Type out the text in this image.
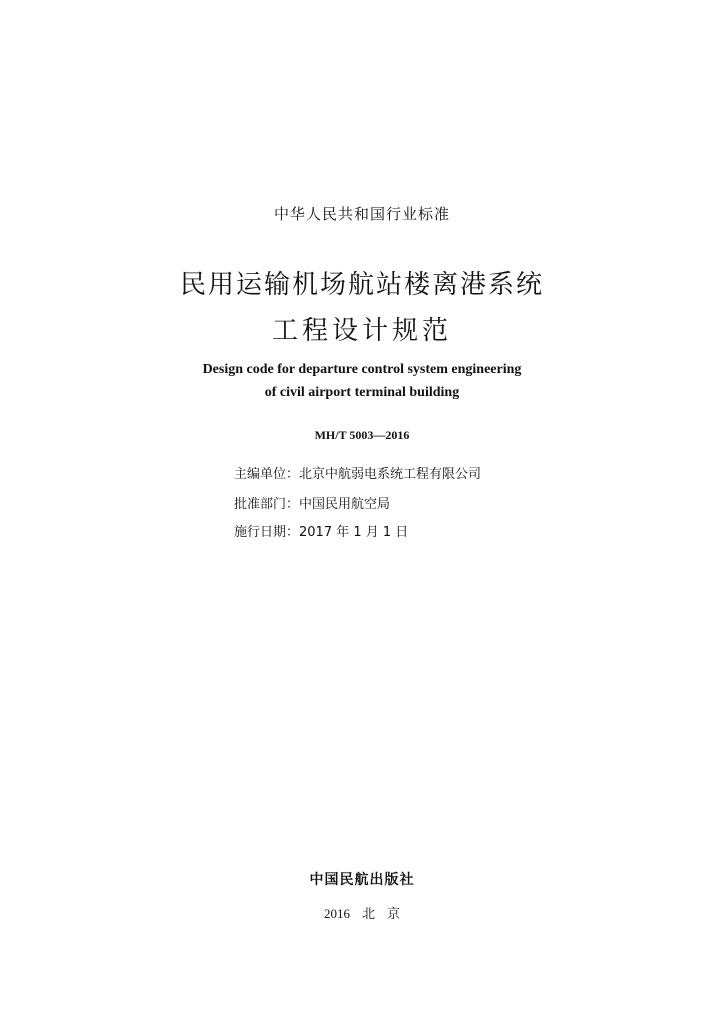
中华人民共和国行业标准

民用运输机场航站楼离港系统
工程设计规范

Design code for departure control system engineering

of civil airport terminal building

MH/T 5003—2016

主编单位：北京中航弱电系统工程有限公司
批准部门：中国民用航空局
施行日期：2017 年 1 月 1 日

中国民航出版社

2016 北 京
